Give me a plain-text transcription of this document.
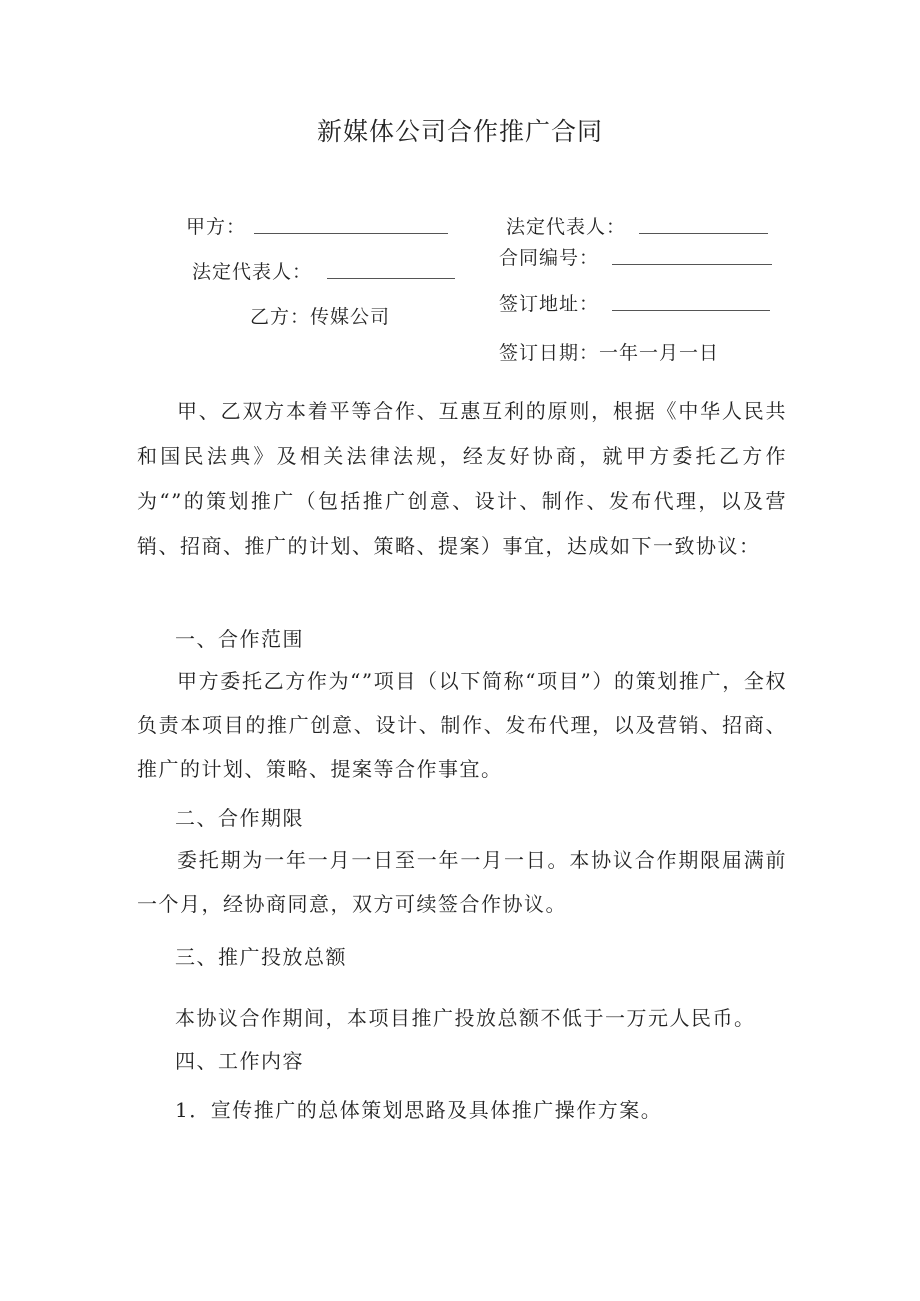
新媒体公司合作推广合同
甲方：
法定代表人：
乙方：传媒公司
法定代表人：
合同编号：
签订地址：
签订日期：一年一月一日

甲、乙双方本着平等合作、互惠互利的原则，根据《中华人民共和国民法典》及相关法律法规，经友好协商，就甲方委托乙方作为“”的策划推广（包括推广创意、设计、制作、发布代理，以及营销、招商、推广的计划、策略、提案）事宜，达成如下一致协议：

一、合作范围

甲方委托乙方作为“”项目（以下简称“项目”）的策划推广，全权负责本项目的推广创意、设计、制作、发布代理，以及营销、招商、推广的计划、策略、提案等合作事宜。

二、合作期限

委托期为一年一月一日至一年一月一日。本协议合作期限届满前一个月，经协商同意，双方可续签合作协议。

三、推广投放总额
本协议合作期间，本项目推广投放总额不低于一万元人民币。
四、工作内容
1．宣传推广的总体策划思路及具体推广操作方案。
